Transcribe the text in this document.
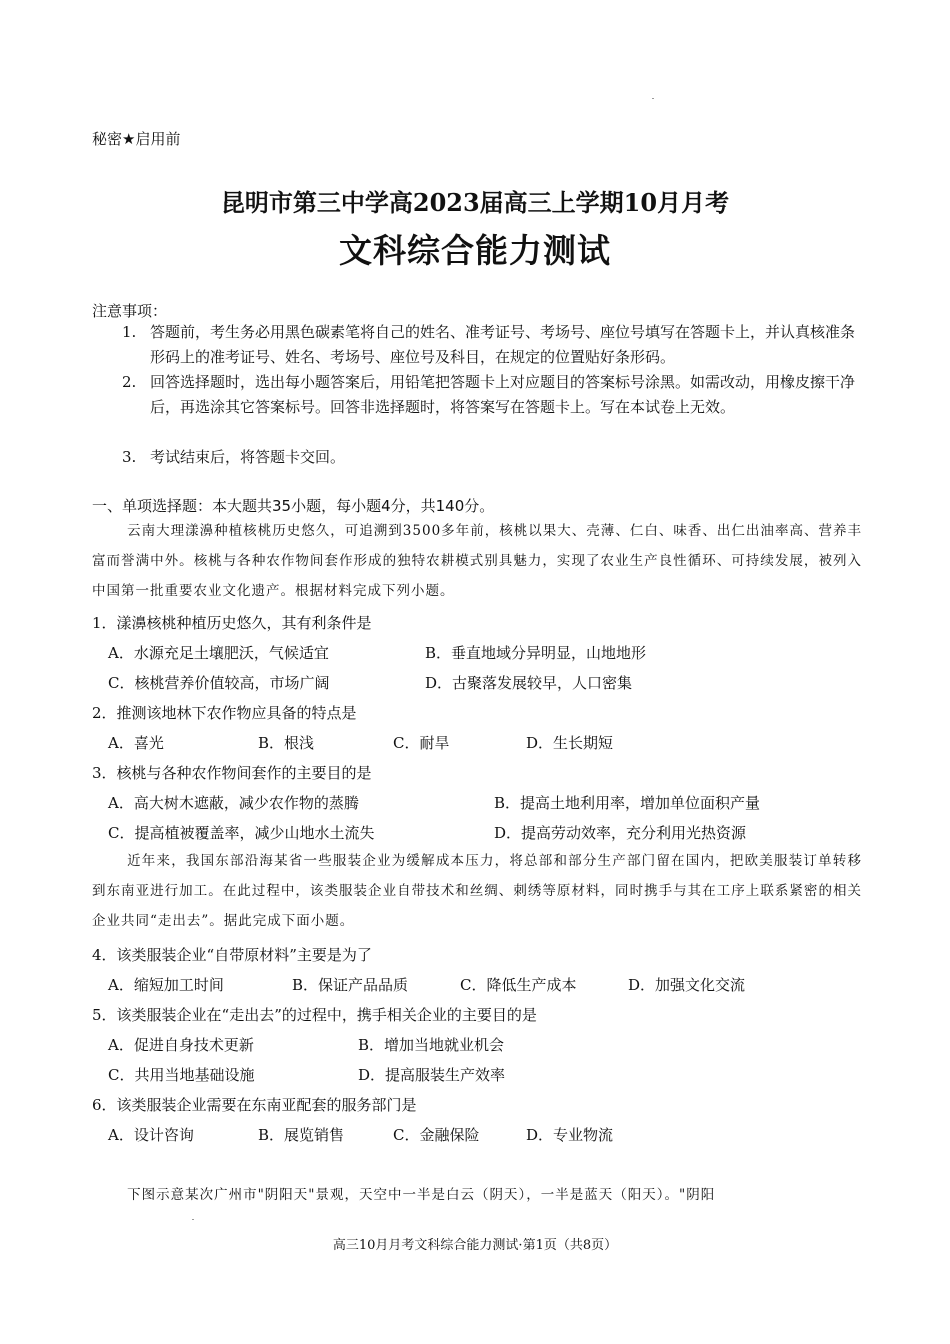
秘密★启用前
昆明市第三中学高2023届高三上学期10月月考
文科综合能力测试
注意事项：
1. 答题前，考生务必用黑色碳素笔将自己的姓名、准考证号、考场号、座位号填写在答题卡上，并认真核准条形码上的准考证号、姓名、考场号、座位号及科目，在规定的位置贴好条形码。
2. 回答选择题时，选出每小题答案后，用铅笔把答题卡上对应题目的答案标号涂黑。如需改动，用橡皮擦干净后，再选涂其它答案标号。回答非选择题时，将答案写在答题卡上。写在本试卷上无效。
3. 考试结束后，将答题卡交回。
一、单项选择题：本大题共35小题，每小题4分，共140分。

云南大理漾濞种植核桃历史悠久，可追溯到3500多年前，核桃以果大、壳薄、仁白、味香、出仁出油率高、营养丰富而誉满中外。核桃与各种农作物间套作形成的独特农耕模式别具魅力，实现了农业生产良性循环、可持续发展，被列入中国第一批重要农业文化遗产。根据材料完成下列小题。

1．漾濞核桃种植历史悠久，其有利条件是
A．水源充足土壤肥沃，气候适宜	B．垂直地域分异明显，山地地形
C．核桃营养价值较高，市场广阔	D．古聚落发展较早，人口密集
2．推测该地林下农作物应具备的特点是
A．喜光	B．根浅	C．耐旱	D．生长期短
3．核桃与各种农作物间套作的主要目的是
A．高大树木遮蔽，减少农作物的蒸腾	B．提高土地利用率，增加单位面积产量
C．提高植被覆盖率，减少山地水土流失	D．提高劳动效率，充分利用光热资源

近年来，我国东部沿海某省一些服装企业为缓解成本压力，将总部和部分生产部门留在国内，把欧美服装订单转移到东南亚进行加工。在此过程中，该类服装企业自带技术和丝绸、刺绣等原材料，同时携手与其在工序上联系紧密的相关企业共同“走出去”。据此完成下面小题。

4．该类服装企业“自带原材料”主要是为了
A．缩短加工时间	B．保证产品品质	C．降低生产成本	D．加强文化交流
5．该类服装企业在“走出去”的过程中，携手相关企业的主要目的是
A．促进自身技术更新	B．增加当地就业机会
C．共用当地基础设施	D．提高服装生产效率
6．该类服装企业需要在东南亚配套的服务部门是
A．设计咨询	B．展览销售	C．金融保险	D．专业物流

下图示意某次广州市"阴阳天"景观，天空中一半是白云（阴天），一半是蓝天（阳天）。"阴阳

高三10月月考文科综合能力测试·第1页（共8页）
